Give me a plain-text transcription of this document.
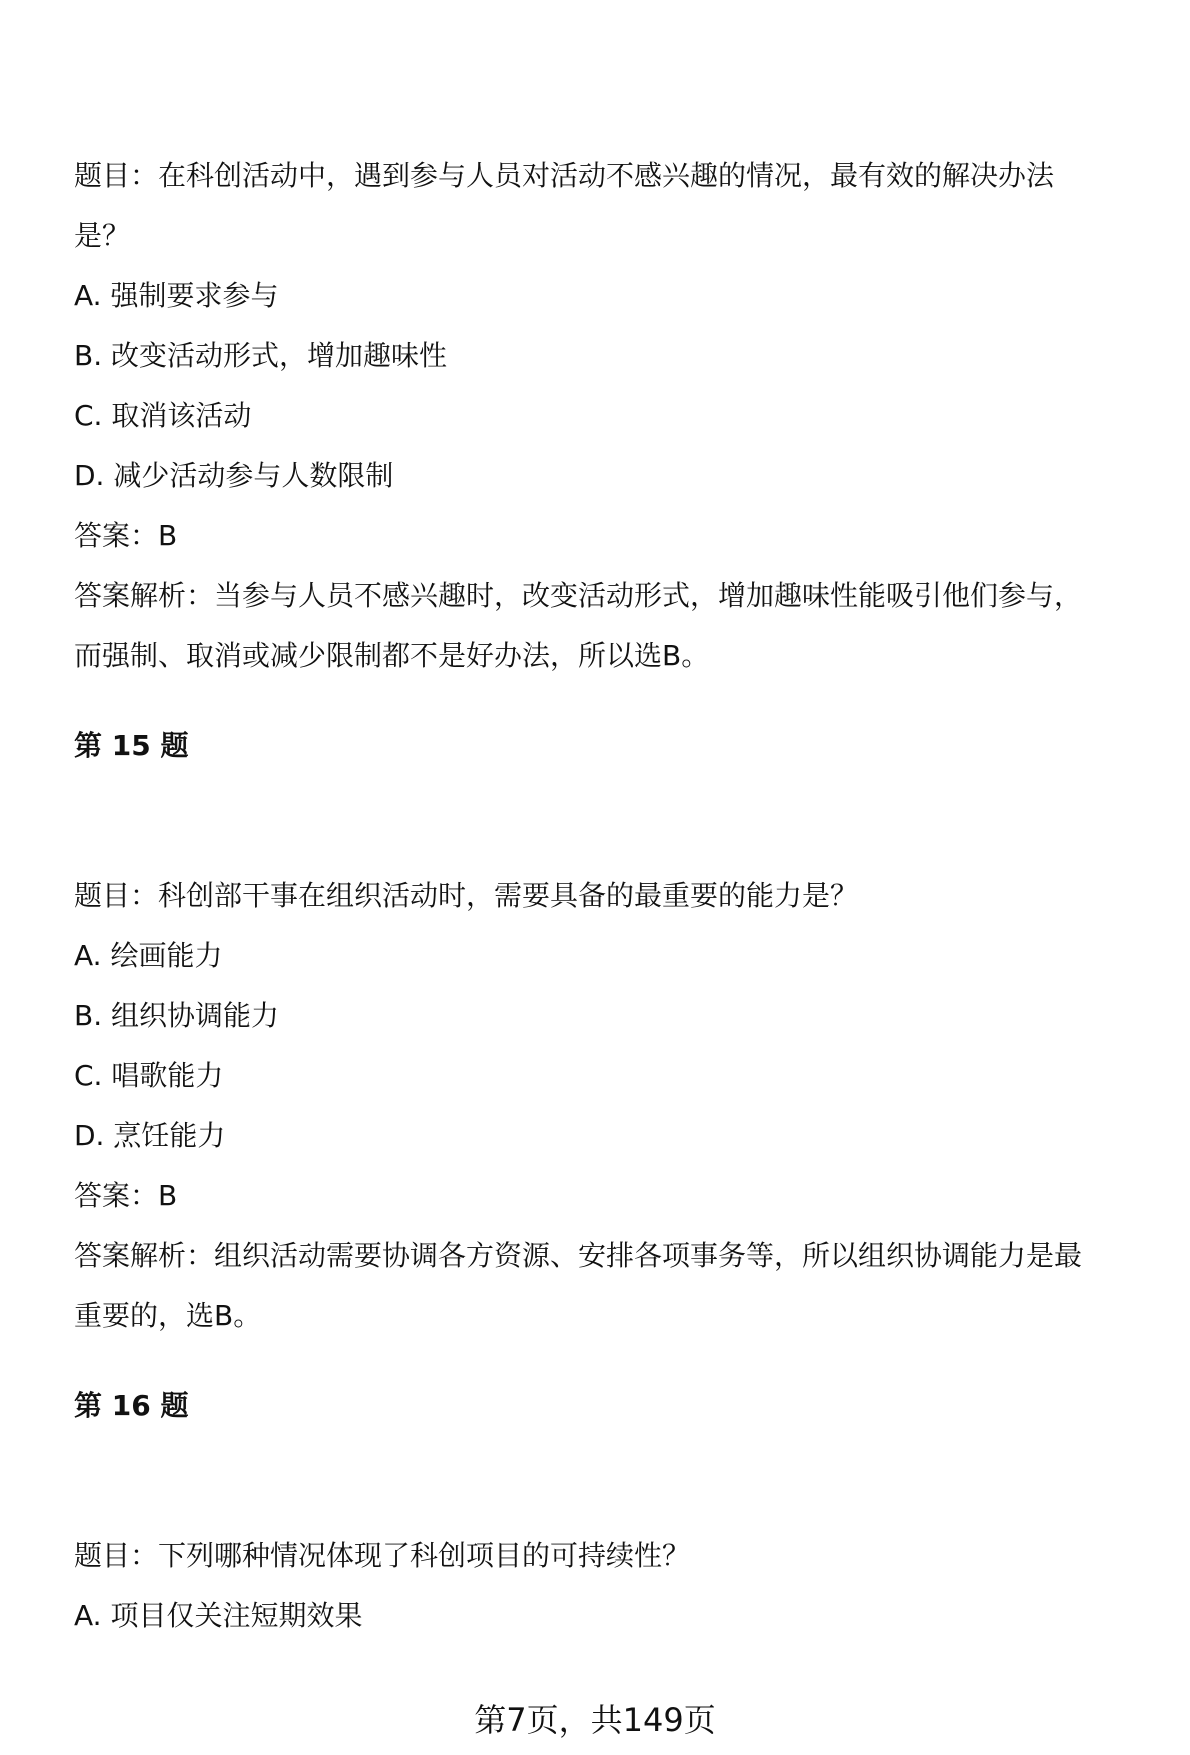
题目：在科创活动中，遇到参与人员对活动不感兴趣的情况，最有效的解决办法
是？
A. 强制要求参与
B. 改变活动形式，增加趣味性
C. 取消该活动
D. 减少活动参与人数限制
答案：B
答案解析：当参与人员不感兴趣时，改变活动形式，增加趣味性能吸引他们参与，
而强制、取消或减少限制都不是好办法，所以选B。
第 15 题
题目：科创部干事在组织活动时，需要具备的最重要的能力是？
A. 绘画能力
B. 组织协调能力
C. 唱歌能力
D. 烹饪能力
答案：B
答案解析：组织活动需要协调各方资源、安排各项事务等，所以组织协调能力是最
重要的，选B。
第 16 题
题目：下列哪种情况体现了科创项目的可持续性？
A. 项目仅关注短期效果
第7页，共149页
